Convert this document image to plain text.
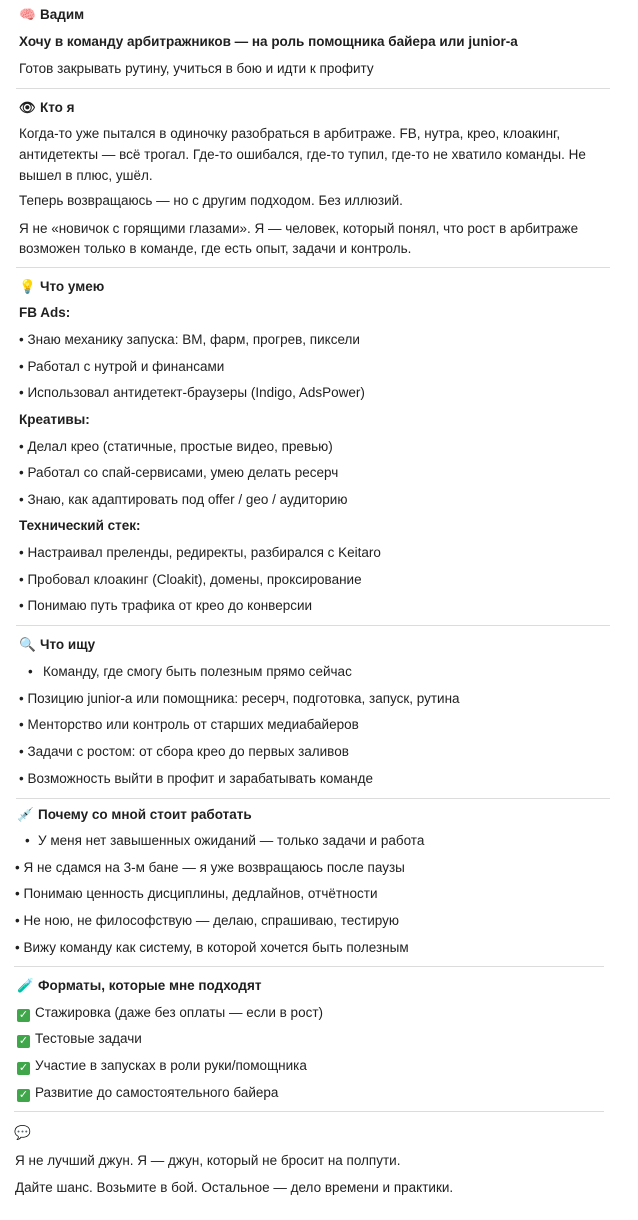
🧠 Вадим
Хочу в команду арбитражников — на роль помощника байера или junior-а
Готов закрывать рутину, учиться в бою и идти к профиту
👁 Кто я
Когда-то уже пытался в одиночку разобраться в арбитраже. FB, нутра, крео, клоакинг,
антидетекты — всё трогал. Где-то ошибался, где-то тупил, где-то не хватило команды. Не
вышел в плюс, ушёл.
Теперь возвращаюсь — но с другим подходом. Без иллюзий.
Я не «новичок с горящими глазами». Я — человек, который понял, что рост в арбитраже
возможен только в команде, где есть опыт, задачи и контроль.
💡 Что умею
FB Ads:
• Знаю механику запуска: BM, фарм, прогрев, пиксели
• Работал с нутрой и финансами
• Использовал антидетект-браузеры (Indigo, AdsPower)
Креативы:
• Делал крео (статичные, простые видео, превью)
• Работал со спай-сервисами, умею делать ресерч
• Знаю, как адаптировать под offer / geo / аудиторию
Технический стек:
• Настраивал преленды, редиректы, разбирался с Keitaro
• Пробовал клоакинг (Cloakit), домены, проксирование
• Понимаю путь трафика от крео до конверсии
🔍 Что ищу
• Команду, где смогу быть полезным прямо сейчас
• Позицию junior-а или помощника: ресерч, подготовка, запуск, рутина
• Менторство или контроль от старших медиабайеров
• Задачи с ростом: от сбора крео до первых заливов
• Возможность выйти в профит и зарабатывать команде
💉 Почему со мной стоит работать
• У меня нет завышенных ожиданий — только задачи и работа
• Я не сдамся на 3-м бане — я уже возвращаюсь после паузы
• Понимаю ценность дисциплины, дедлайнов, отчётности
• Не ною, не философствую — делаю, спрашиваю, тестирую
• Вижу команду как систему, в которой хочется быть полезным
🧪 Форматы, которые мне подходят
✓ Стажировка (даже без оплаты — если в рост)
✓ Тестовые задачи
✓ Участие в запусках в роли руки/помощника
✓ Развитие до самостоятельного байера
💬
Я не лучший джун. Я — джун, который не бросит на полпути.
Дайте шанс. Возьмите в бой. Остальное — дело времени и практики.
